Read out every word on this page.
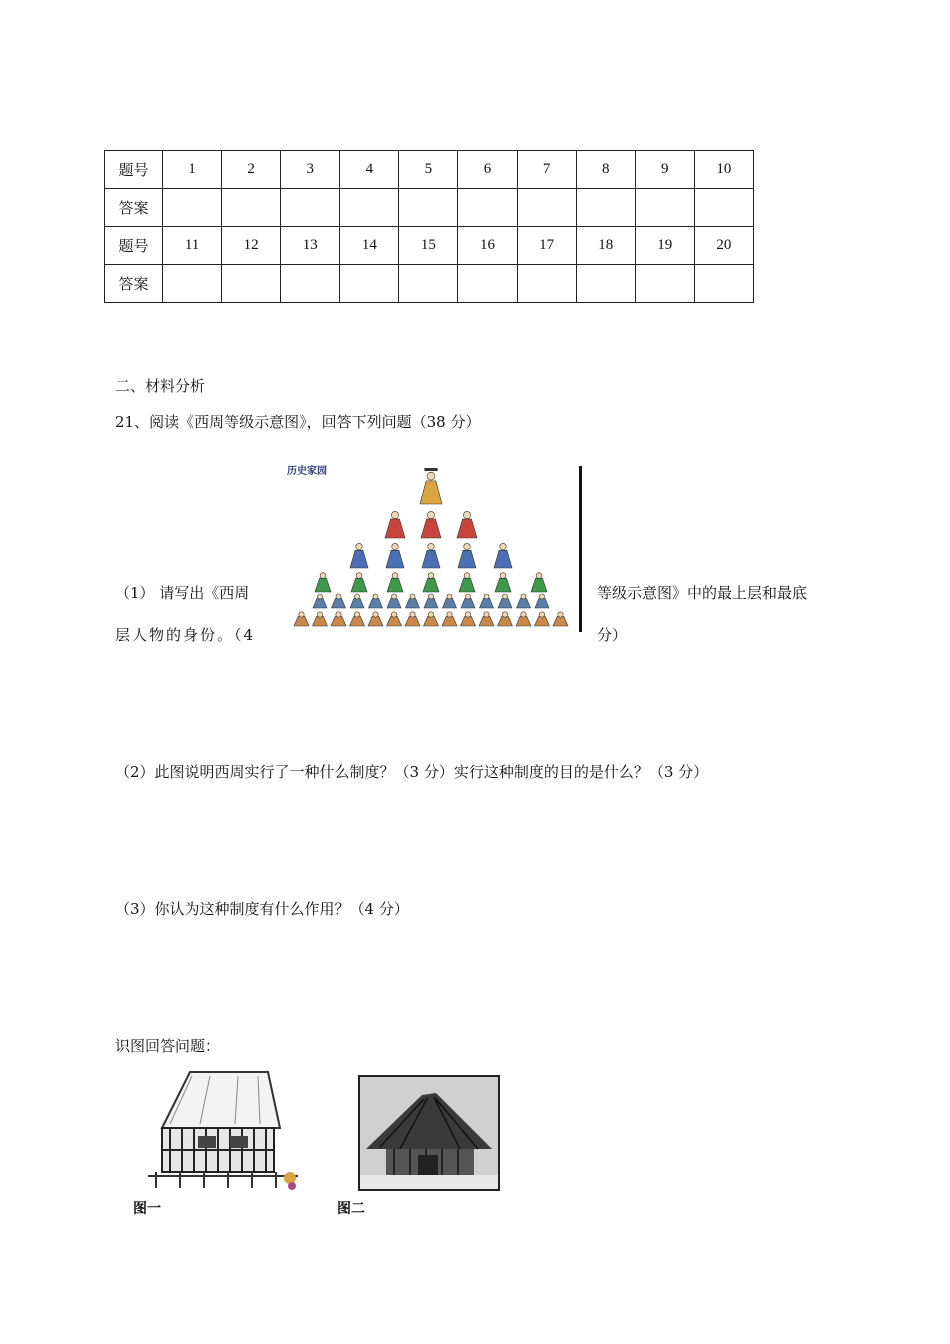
题号	1	2	3	4	5	6	7	8	9	10
答案										
题号	11	12	13	14	15	16	17	18	19	20
答案										
二、材料分析
21、阅读《西周等级示意图》，回答下列问题（38 分）
历史家园
（1） 请写出《西周	等级示意图》中的最上层和最底
层人物的身份。（4	分）
（2）此图说明西周实行了一种什么制度？（3 分）实行这种制度的目的是什么？（3 分）
（3）你认为这种制度有什么作用？（4 分）
识图回答问题：
图一	图二
